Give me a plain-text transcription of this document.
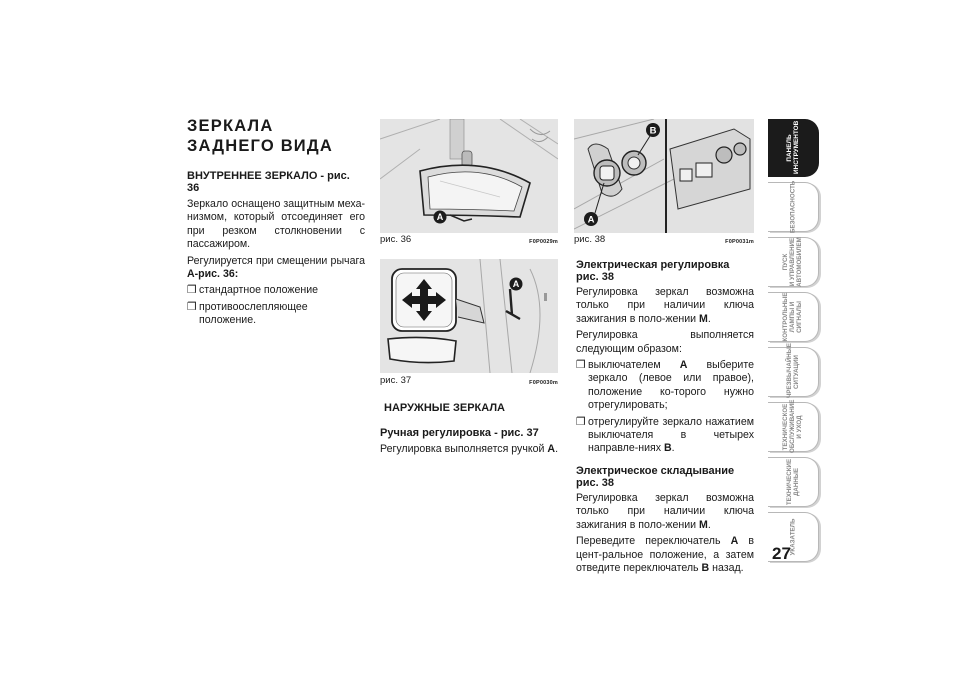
ЗЕРКАЛА ЗАДНЕГО ВИДА

ВНУТРЕННЕЕ ЗЕРКАЛО - рис. 36

Зеркало оснащено защитным меха-низмом, который отсоединяет его при резком столкновении с пассажиром.

Регулируется при смещении рычага A-рис. 36:

❒ стандартное положение
❒ противоослепляющее положение.
A
рис. 36	F0P0029m
A
рис. 37	F0P0030m

НАРУЖНЫЕ ЗЕРКАЛА

Ручная регулировка - рис. 37

Регулировка выполняется ручкой A.

B
A
рис. 38	F0P0031m

Электрическая регулировка

рис. 38

Регулировка зеркал возможна только при наличии ключа зажигания в поло-жении M.

Регулировка выполняется следующим образом:

❒ выключателем A выберите зеркало (левое или правое), положение ко-торого нужно отрегулировать;
❒ отрегулируйте зеркало нажатием выключателя в четырех направле-ниях B.

Электрическое складывание

рис. 38

Регулировка зеркал возможна только при наличии ключа зажигания в поло-жении M.

Переведите переключатель A в цент-ральное положение, а затем отведите переключатель B назад.

ПАНЕЛЬ
ИНСТРУМЕНТОВ
БЕЗОПАСНОСТЬ
ПУСК
И УПРАВЛЕНИЕ
АВТОМОБИЛЕМ
КОНТРОЛЬНЫЕ
ЛАМПЫ И
СИГНАЛЫ
ЧРЕЗВЫЧАЙНЫЕ
СИТУАЦИИ
ТЕХНИЧЕСКОЕ
ОБСЛУЖИВАНИЕ
И УХОД
ТЕХНИЧЕСКИЕ
ДАННЫЕ
УКАЗАТЕЛЬ
27
